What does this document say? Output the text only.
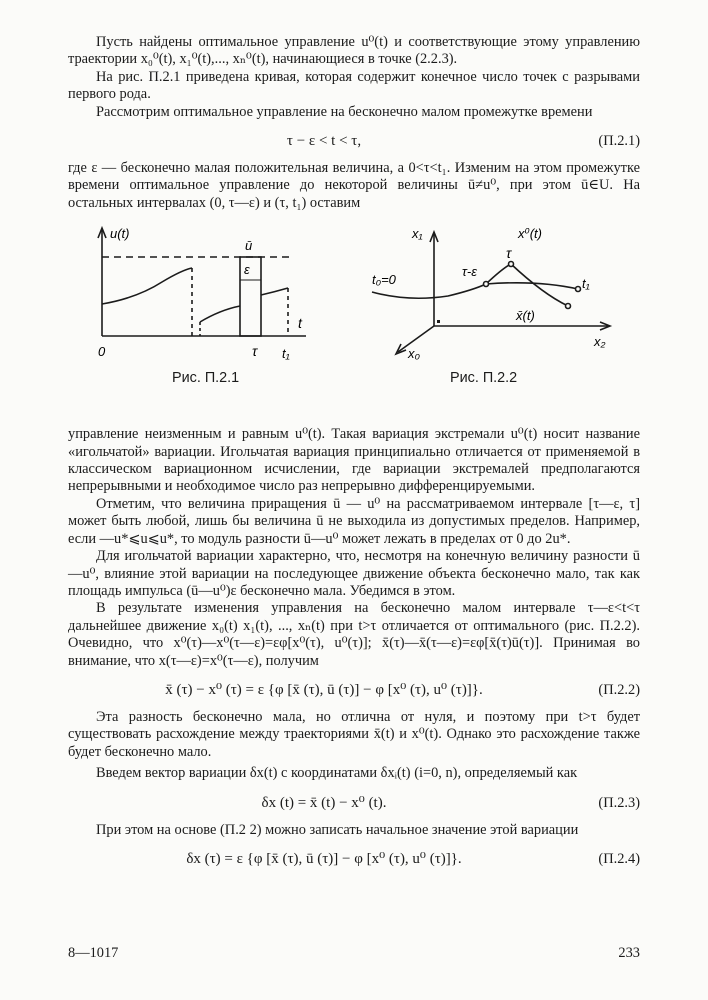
Пусть найдены оптимальное управление u⁰(t) и соответствующие этому управлению траектории x₀⁰(t), x₁⁰(t),..., xₙ⁰(t), начинающиеся в точке (2.2.3).

На рис. П.2.1 приведена кривая, которая содержит конечное число точек с разрывами первого рода.

Рассмотрим оптимальное управление на бесконечно малом промежутке времени

τ − ε < t < τ,	(П.2.1)

где ε — бесконечно малая положительная величина, а 0<τ<t₁. Изменим на этом промежутке времени оптимальное управление до некоторой величины ū≠u⁰, при этом ū∈U. На остальных интервалах (0, τ—ε) и (τ, t₁) оставим

u(t)
ū
ε
t
0	τ t₁
Рис. П.2.1
x₁
x₂
x₀
t₀=0
τ-ε
τ
x⁰(t)
x̄(t)
t₁
Рис. П.2.2

управление неизменным и равным u⁰(t). Такая вариация экстремали u⁰(t) носит название «игольчатой» вариации. Игольчатая вариация принципиально отличается от применяемой в классическом вариационном исчислении, где вариации экстремалей предполагаются непрерывными и необходимое число раз непрерывно дифференцируемыми.

Отметим, что величина приращения ū — u⁰ на рассматриваемом интервале [τ—ε, τ] может быть любой, лишь бы величина ū не выходила из допустимых пределов. Например, если —u*⩽u⩽u*, то модуль разности ū—u⁰ может лежать в пределах от 0 до 2u*.

Для игольчатой вариации характерно, что, несмотря на конечную величину разности ū—u⁰, влияние этой вариации на последующее движение объекта бесконечно мало, так как площадь импульса (ū—u⁰)ε бесконечно мала. Убедимся в этом.

В результате изменения управления на бесконечно малом интервале τ—ε<t<τ дальнейшее движение x₀(t) x₁(t), ..., xₙ(t) при t>τ отличается от оптимального (рис. П.2.2). Очевидно, что x⁰(τ)—x⁰(τ—ε)=εφ[x⁰(τ), u⁰(τ)]; x̄(τ)—x̄(τ—ε)=εφ[x̄(τ)ū(τ)]. Принимая во внимание, что x(τ—ε)=x⁰(τ—ε), получим

x̄ (τ) − x⁰ (τ) = ε {φ [x̄ (τ), ū (τ)] − φ [x⁰ (τ), u⁰ (τ)]}.	(П.2.2)

Эта разность бесконечно мала, но отлична от нуля, и поэтому при t>τ будет существовать расхождение между траекториями x̄(t) и x⁰(t). Однако это расхождение также будет бесконечно мало.

Введем вектор вариации δx(t) с координатами δxᵢ(t) (i=0, n), определяемый как

δx (t) = x̄ (t) − x⁰ (t).	(П.2.3)

При этом на основе (П.2 2) можно записать начальное значение этой вариации

δx (τ) = ε {φ [x̄ (τ), ū (τ)] − φ [x⁰ (τ), u⁰ (τ)]}.	(П.2.4)
8—1017	233
